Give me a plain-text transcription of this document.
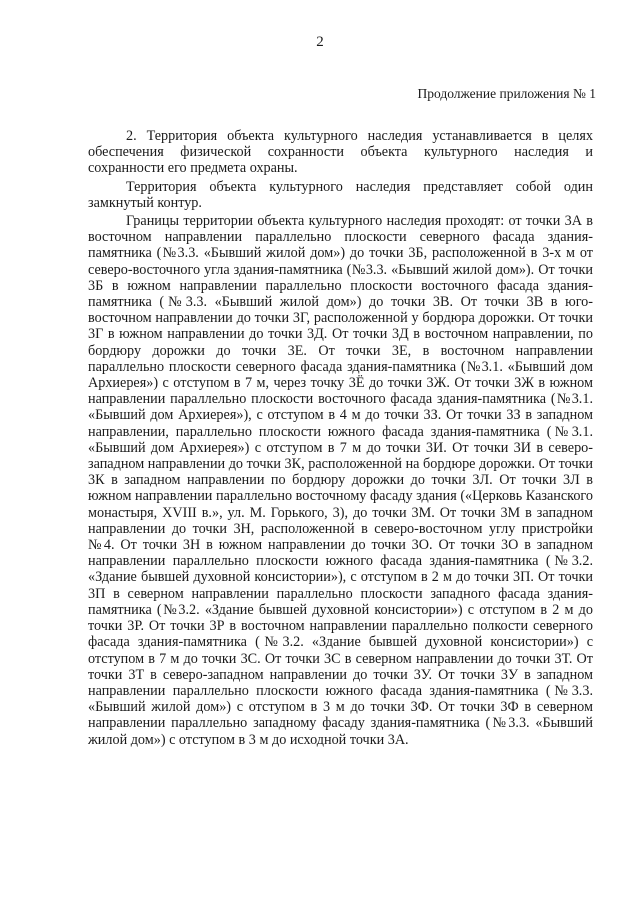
2
Продолжение приложения № 1

2. Территория объекта культурного наследия устанавливается в целях обеспечения физической сохранности объекта культурного наследия и сохранности его предмета охраны.

Территория объекта культурного наследия представляет собой один замкнутый контур.

Границы территории объекта культурного наследия проходят: от точки 3А в восточном направлении параллельно плоскости северного фасада здания-памятника (№3.3. «Бывший жилой дом») до точки 3Б, расположенной в 3-х м от северо-восточного угла здания-памятника (№3.3. «Бывший жилой дом»). От точки 3Б в южном направлении параллельно плоскости восточного фасада здания-памятника (№3.3. «Бывший жилой дом») до точки 3В. От точки 3В в юго-восточном направлении до точки 3Г, расположенной у бордюра дорожки. От точки 3Г в южном направлении до точки 3Д. От точки 3Д в восточном направлении, по бордюру дорожки до точки 3Е. От точки 3Е, в восточном направлении параллельно плоскости северного фасада здания-памятника (№3.1. «Бывший дом Архиерея») с отступом в 7 м, через точку 3Ё до точки 3Ж. От точки 3Ж в южном направлении параллельно плоскости восточного фасада здания-памятника (№3.1. «Бывший дом Архиерея»), с отступом в 4 м до точки 3З. От точки 3З в западном направлении, параллельно плоскости южного фасада здания-памятника (№3.1. «Бывший дом Архиерея») с отступом в 7 м до точки 3И. От точки 3И в северо-западном направлении до точки 3К, расположенной на бордюре дорожки. От точки 3К в западном направлении по бордюру дорожки до точки 3Л. От точки 3Л в южном направлении параллельно восточному фасаду здания («Церковь Казанского монастыря, XVIII в.», ул. М. Горького, 3), до точки 3М. От точки 3М в западном направлении до точки 3Н, расположенной в северо-восточном углу пристройки №4. От точки 3Н в южном направлении до точки 3О. От точки 3О в западном направлении параллельно плоскости южного фасада здания-памятника (№3.2. «Здание бывшей духовной консистории»), с отступом в 2 м до точки 3П. От точки 3П в северном направлении параллельно плоскости западного фасада здания-памятника (№3.2. «Здание бывшей духовной консистории») с отступом в 2 м до точки 3Р. От точки 3Р в восточном направлении параллельно полкости северного фасада здания-памятника (№3.2. «Здание бывшей духовной консистории») с отступом в 7 м до точки 3С. От точки 3С в северном направлении до точки 3Т. От точки 3Т в северо-западном направлении до точки 3У. От точки 3У в западном направлении параллельно плоскости южного фасада здания-памятника (№3.3. «Бывший жилой дом») с отступом в 3 м до точки 3Ф. От точки 3Ф в северном направлении параллельно западному фасаду здания-памятника (№3.3. «Бывший жилой дом») с отступом в 3 м до исходной точки 3А.
